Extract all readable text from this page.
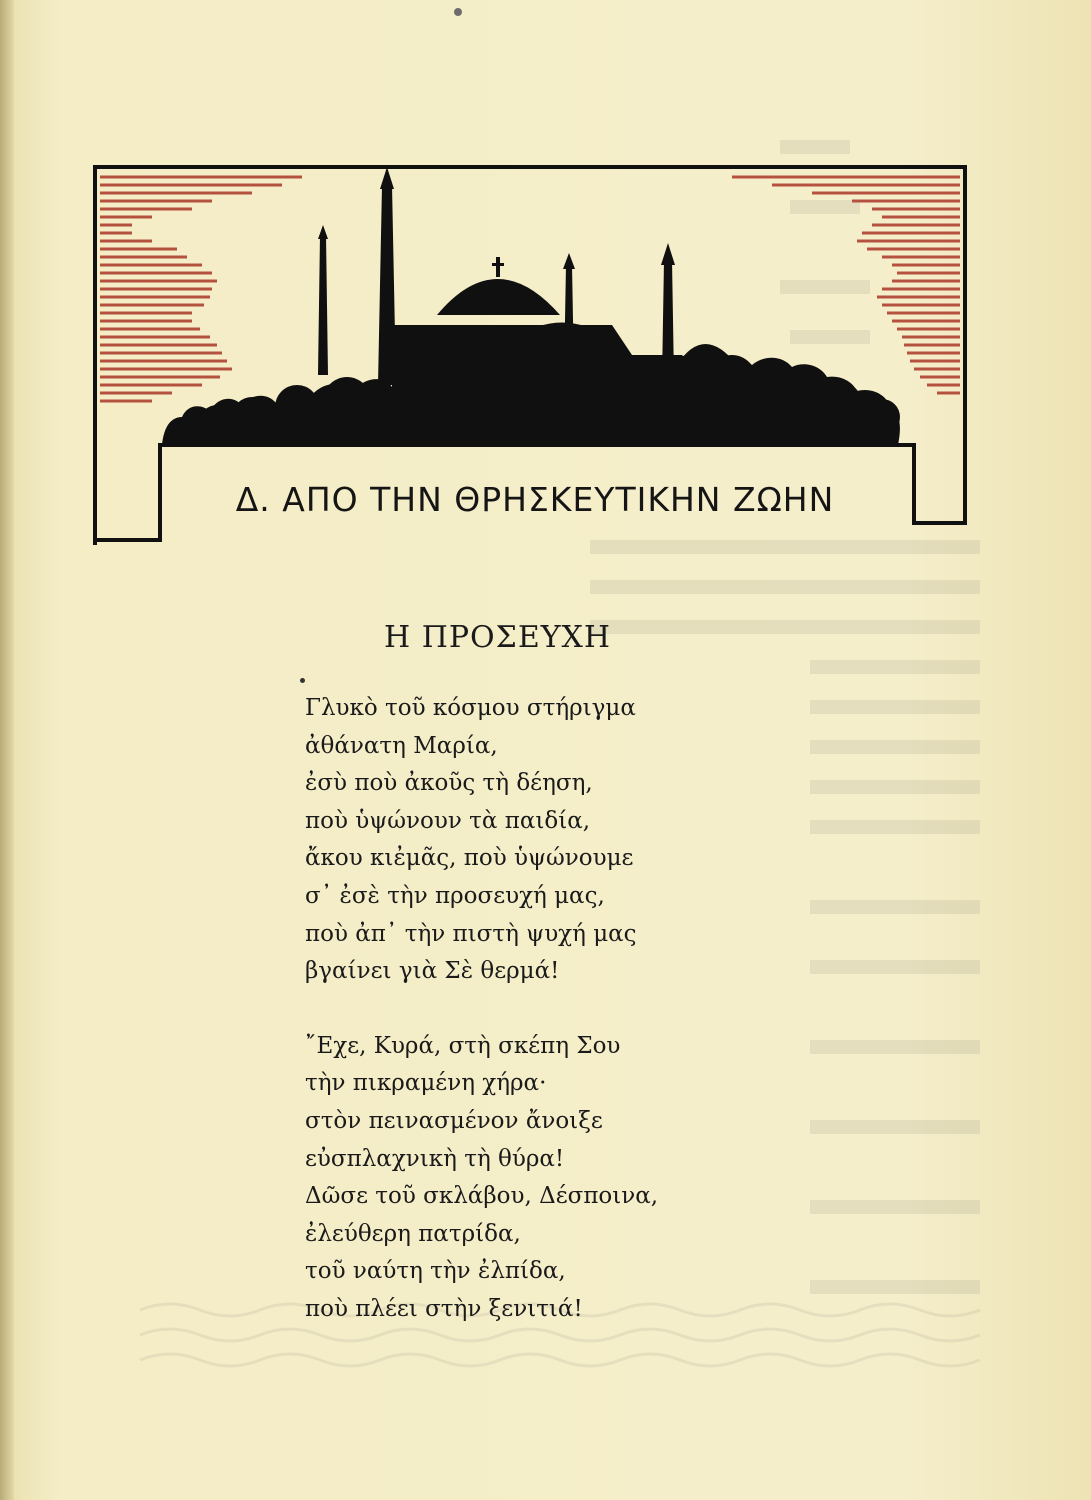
Δ. ΑΠΟ ΤΗΝ ΘΡΗΣΚΕΥΤΙΚΗΝ ΖΩΗΝ
Η ΠΡΟΣΕΥΧΗ
Γλυκὸ τοῦ κόσμου στήριγμα
ἀθάνατη Μαρία,
ἐσὺ ποὺ ἀκοῦς τὴ δέηση,
ποὺ ὑψώνουν τὰ παιδία,
ἄκου κιἐμᾶς, ποὺ ὑψώνουμε
σ᾽ ἐσὲ τὴν προσευχή μας,
ποὺ ἀπ᾽ τὴν πιστὴ ψυχή μας
βγαίνει γιὰ Σὲ θερμά!
῎Εχε, Κυρά, στὴ σκέπη Σου
τὴν πικραμένη χήρα·
στὸν πεινασμένον ἄνοιξε
εὐσπλαχνικὴ τὴ θύρα!
Δῶσε τοῦ σκλάβου, Δέσποινα,
ἐλεύθερη πατρίδα,
τοῦ ναύτη τὴν ἐλπίδα,
ποὺ πλέει στὴν ξενιτιά!
